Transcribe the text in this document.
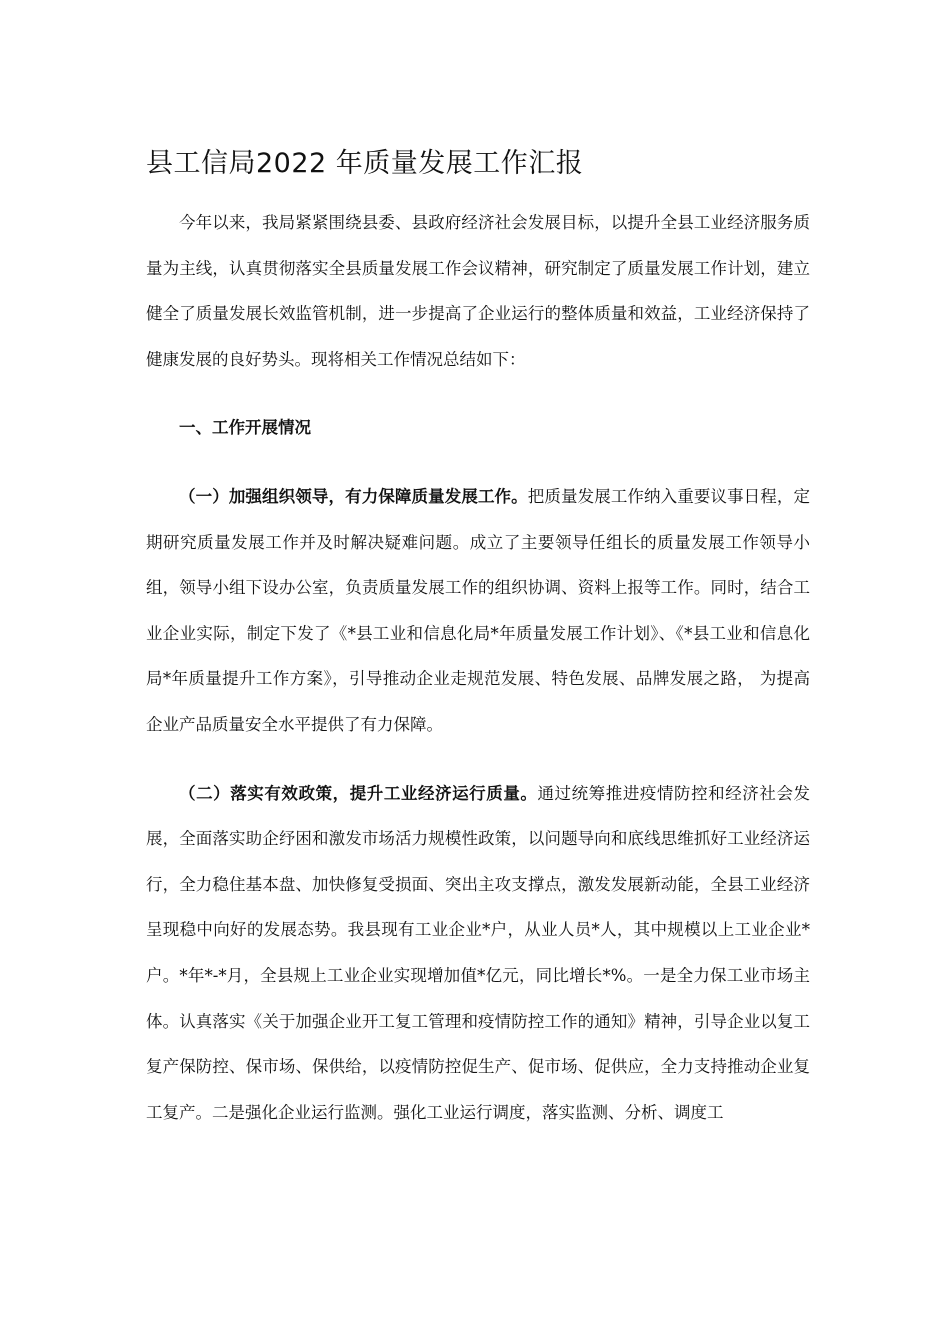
县工信局2022 年质量发展工作汇报

今年以来，我局紧紧围绕县委、县政府经济社会发展目标，以提升全县工业经济服务质量为主线，认真贯彻落实全县质量发展工作会议精神，研究制定了质量发展工作计划，建立健全了质量发展长效监管机制，进一步提高了企业运行的整体质量和效益，工业经济保持了健康发展的良好势头。现将相关工作情况总结如下：

一、工作开展情况

（一）加强组织领导，有力保障质量发展工作。把质量发展工作纳入重要议事日程，定期研究质量发展工作并及时解决疑难问题。成立了主要领导任组长的质量发展工作领导小组，领导小组下设办公室，负责质量发展工作的组织协调、资料上报等工作。同时，结合工业企业实际，制定下发了《*县工业和信息化局*年质量发展工作计划》、《*县工业和信息化局*年质量提升工作方案》，引导推动企业走规范发展、特色发展、品牌发展之路， 为提高企业产品质量安全水平提供了有力保障。

（二）落实有效政策，提升工业经济运行质量。通过统筹推进疫情防控和经济社会发展，全面落实助企纾困和激发市场活力规模性政策，以问题导向和底线思维抓好工业经济运行，全力稳住基本盘、加快修复受损面、突出主攻支撑点，激发发展新动能，全县工业经济呈现稳中向好的发展态势。我县现有工业企业*户，从业人员*人，其中规模以上工业企业*户。*年*-*月，全县规上工业企业实现增加值*亿元，同比增长*%。一是全力保工业市场主体。认真落实《关于加强企业开工复工管理和疫情防控工作的通知》精神，引导企业以复工复产保防控、保市场、保供给，以疫情防控促生产、促市场、促供应，全力支持推动企业复工复产。二是强化企业运行监测。强化工业运行调度，落实监测、分析、调度工
